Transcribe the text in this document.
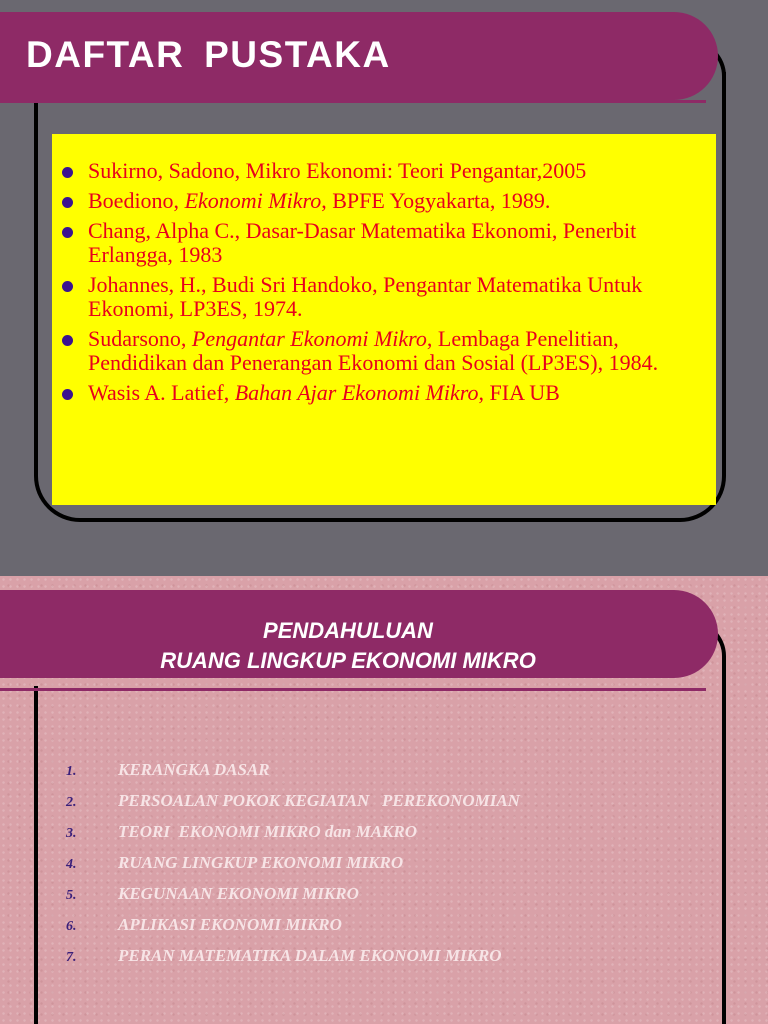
DAFTAR PUSTAKA
Sukirno, Sadono, Mikro Ekonomi: Teori Pengantar,2005
Boediono, Ekonomi Mikro, BPFE Yogyakarta, 1989.
Chang, Alpha C., Dasar-Dasar Matematika Ekonomi, Penerbit Erlangga, 1983
Johannes, H., Budi Sri Handoko, Pengantar Matematika Untuk Ekonomi, LP3ES, 1974.
Sudarsono, Pengantar Ekonomi Mikro, Lembaga Penelitian, Pendidikan dan Penerangan Ekonomi dan Sosial (LP3ES), 1984.
Wasis A. Latief, Bahan Ajar Ekonomi Mikro, FIA UB
PENDAHULUAN
RUANG LINGKUP EKONOMI MIKRO
1.	KERANGKA DASAR
2.	PERSOALAN POKOK KEGIATAN   PEREKONOMIAN
3.	TEORI  EKONOMI MIKRO dan MAKRO
4.	RUANG LINGKUP EKONOMI MIKRO
5.	KEGUNAAN EKONOMI MIKRO
6.	APLIKASI EKONOMI MIKRO
7.	PERAN MATEMATIKA DALAM EKONOMI MIKRO
